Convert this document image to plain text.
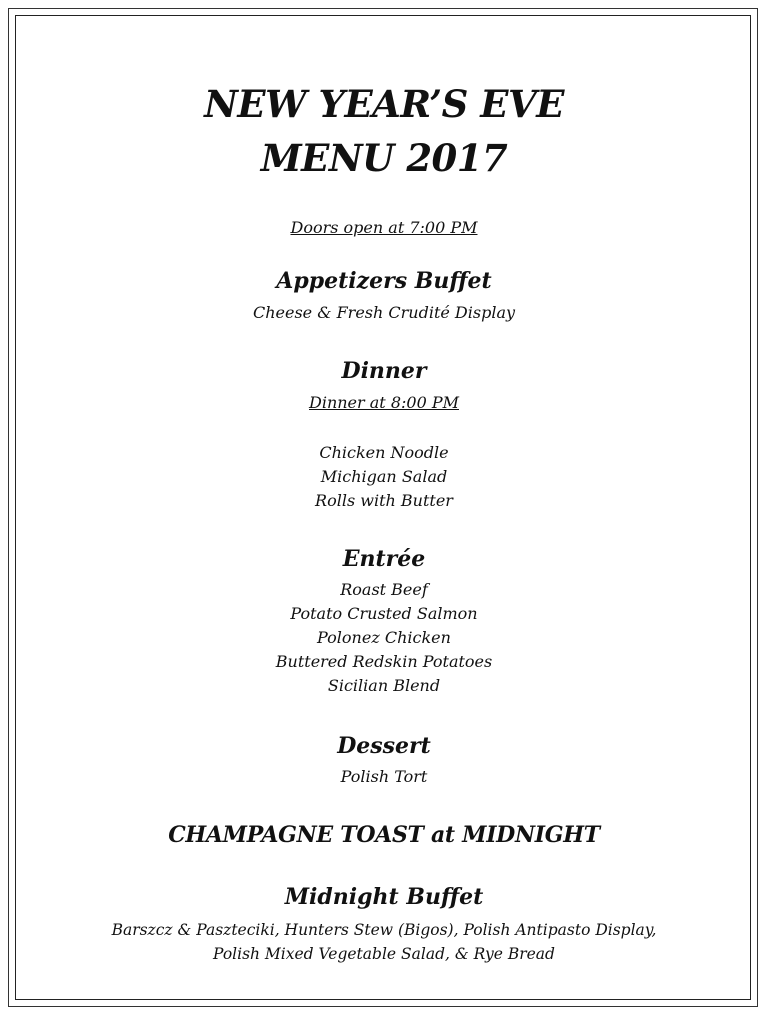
NEW YEAR’S EVE
MENU 2017
Doors open at 7:00 PM
Appetizers Buffet
Cheese & Fresh Crudité Display
Dinner
Dinner at 8:00 PM
Chicken Noodle
Michigan Salad
Rolls with Butter
Entrée
Roast Beef
Potato Crusted Salmon
Polonez Chicken
Buttered Redskin Potatoes
Sicilian Blend
Dessert
Polish Tort
CHAMPAGNE TOAST at MIDNIGHT
Midnight Buffet
Barszcz & Paszteciki, Hunters Stew (Bigos), Polish Antipasto Display,
Polish Mixed Vegetable Salad, & Rye Bread
